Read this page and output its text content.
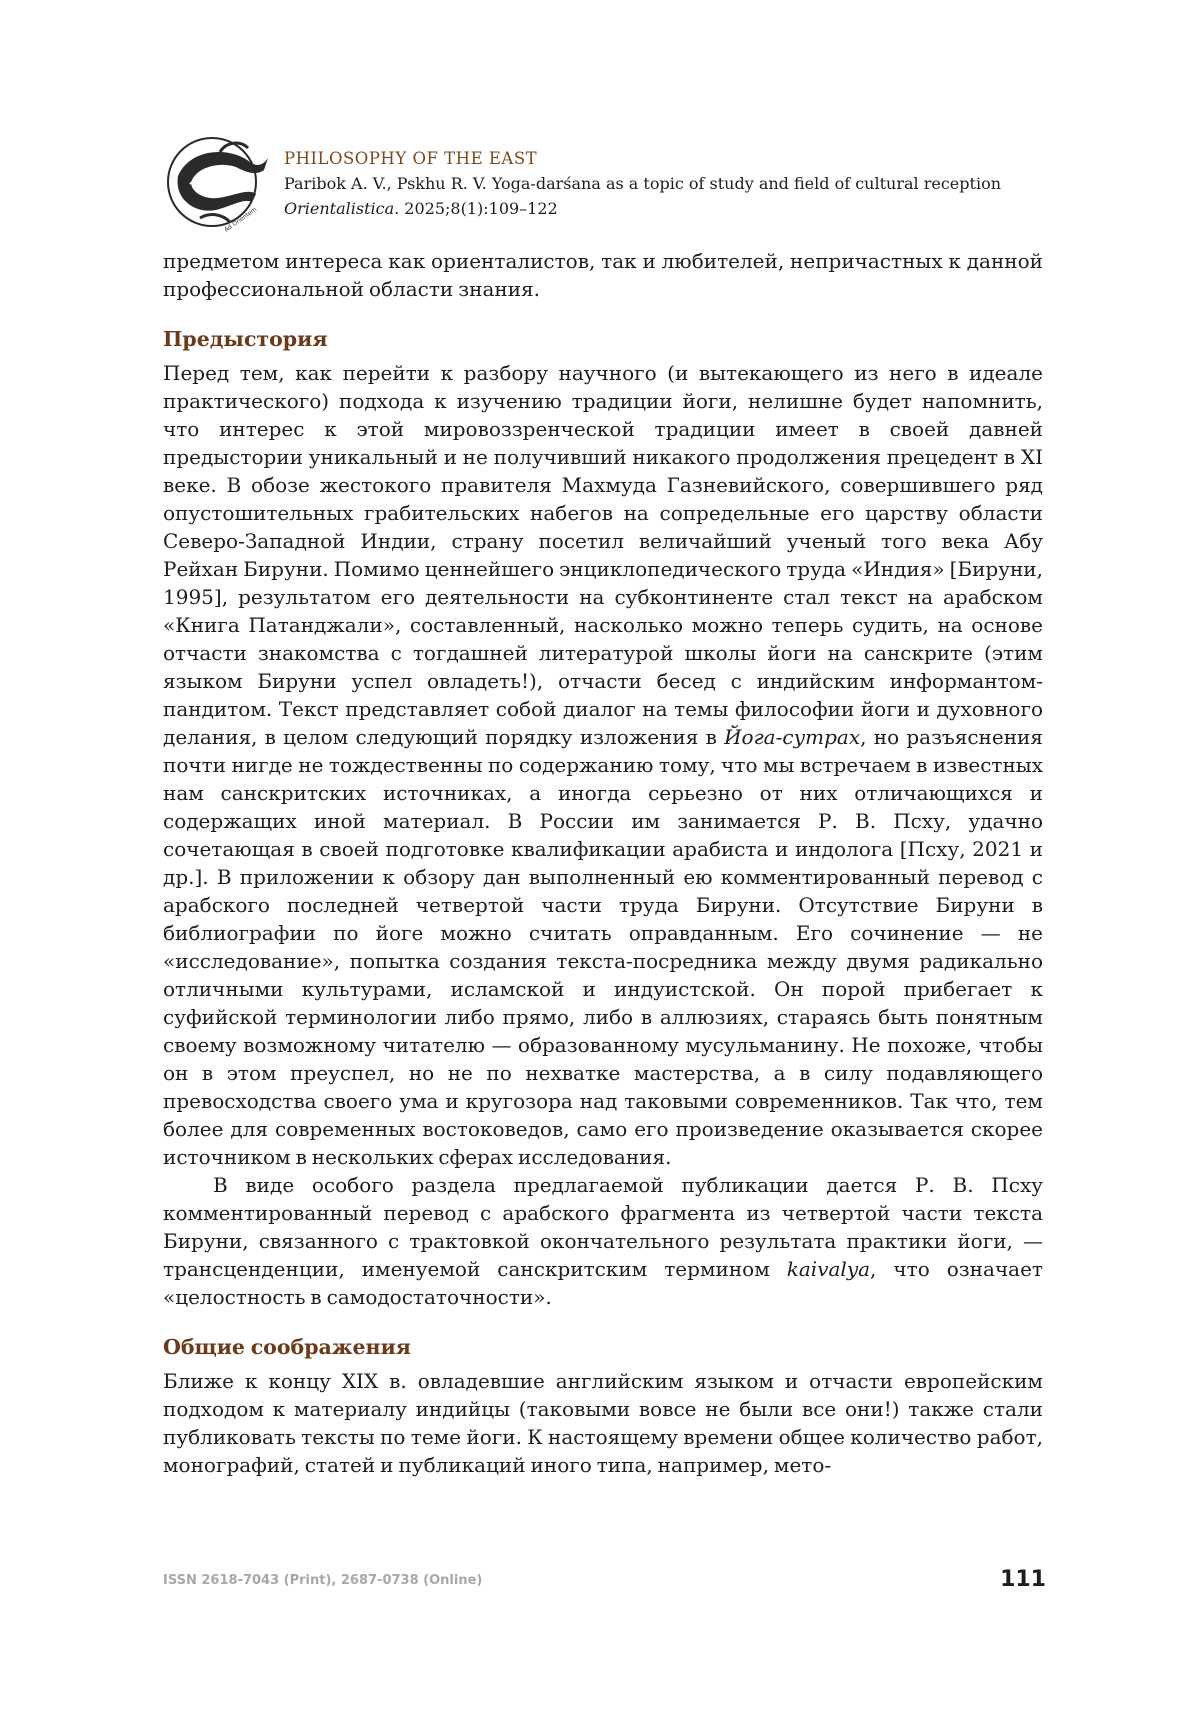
Ad Orientem
PHILOSOPHY OF THE EAST
Paribok A. V., Pskhu R. V. Yoga-darśana as a topic of study and field of cultural reception
Orientalistica. 2025;8(1):109–122

предметом интереса как ориенталистов, так и любителей, непричастных к данной профессиональной области знания.

Предыстория

Перед тем, как перейти к разбору научного (и вытекающего из него в идеале практического) подхода к изучению традиции йоги, нелишне будет напомнить, что интерес к этой мировоззренческой традиции имеет в своей давней предыстории уникальный и не получивший никакого продолжения прецедент в XI веке. В обозе жестокого правителя Махмуда Газневийского, совершившего ряд опустошительных грабительских набегов на сопредельные его царству области Северо-Западной Индии, страну посетил величайший ученый того века Абу Рейхан Бируни. Помимо ценнейшего энциклопедического труда «Индия» [Бируни, 1995], результатом его деятельности на субконтиненте стал текст на арабском «Книга Патанджали», составленный, насколько можно теперь судить, на основе отчасти знакомства с тогдашней литературой школы йоги на санскрите (этим языком Бируни успел овладеть!), отчасти бесед с индийским информантом-пандитом. Текст представляет собой диалог на темы философии йоги и духовного делания, в целом следующий порядку изложения в Йога-сутрах, но разъяснения почти нигде не тождественны по содержанию тому, что мы встречаем в известных нам санскритских источниках, а иногда серьезно от них отличающихся и содержащих иной материал. В России им занимается Р. В. Псху, удачно сочетающая в своей подготовке квалификации арабиста и индолога [Псху, 2021 и др.]. В приложении к обзору дан выполненный ею комментированный перевод с арабского последней четвертой части труда Бируни. Отсутствие Бируни в библиографии по йоге можно считать оправданным. Его сочинение — не «исследование», попытка создания текста-посредника между двумя радикально отличными культурами, исламской и индуистской. Он порой прибегает к суфийской терминологии либо прямо, либо в аллюзиях, стараясь быть понятным своему возможному читателю — образованному мусульманину. Не похоже, чтобы он в этом преуспел, но не по нехватке мастерства, а в силу подавляющего превосходства своего ума и кругозора над таковыми современников. Так что, тем более для современных востоковедов, само его произведение оказывается скорее источником в нескольких сферах исследования.

В виде особого раздела предлагаемой публикации дается Р. В. Псху комментированный перевод с арабского фрагмента из четвертой части текста Бируни, связанного с трактовкой окончательного результата практики йоги, — трансценденции, именуемой санскритским термином kaivalya, что означает «целостность в самодостаточности».

Общие соображения

Ближе к концу XIX в. овладевшие английским языком и отчасти европейским подходом к материалу индийцы (таковыми вовсе не были все они!) также стали публиковать тексты по теме йоги. К настоящему времени общее количество работ, монографий, статей и публикаций иного типа, например, мето-

ISSN 2618-7043 (Print), 2687-0738 (Online)	111
